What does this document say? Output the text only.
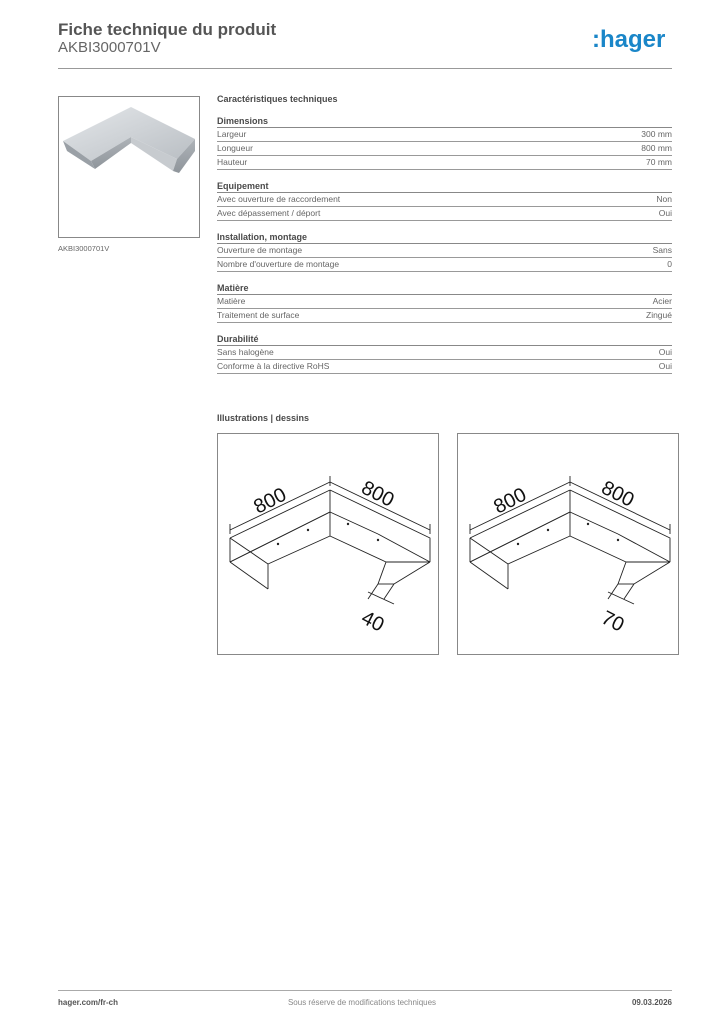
Fiche technique du produit
AKBI3000701V	:hager
AKBI3000701V
Caractéristiques techniques
Dimensions
Largeur	300 mm
Longueur	800 mm
Hauteur	70 mm
Equipement
Avec ouverture de raccordement	Non
Avec dépassement / déport	Oui
Installation, montage
Ouverture de montage	Sans
Nombre d'ouverture de montage	0
Matière
Matière	Acier
Traitement de surface	Zingué
Durabilité
Sans halogène	Oui
Conforme à la directive RoHS	Oui
Illustrations | dessins
800	800
40
800	800
70
hager.com/fr-ch	Sous réserve de modifications techniques	09.03.2026
